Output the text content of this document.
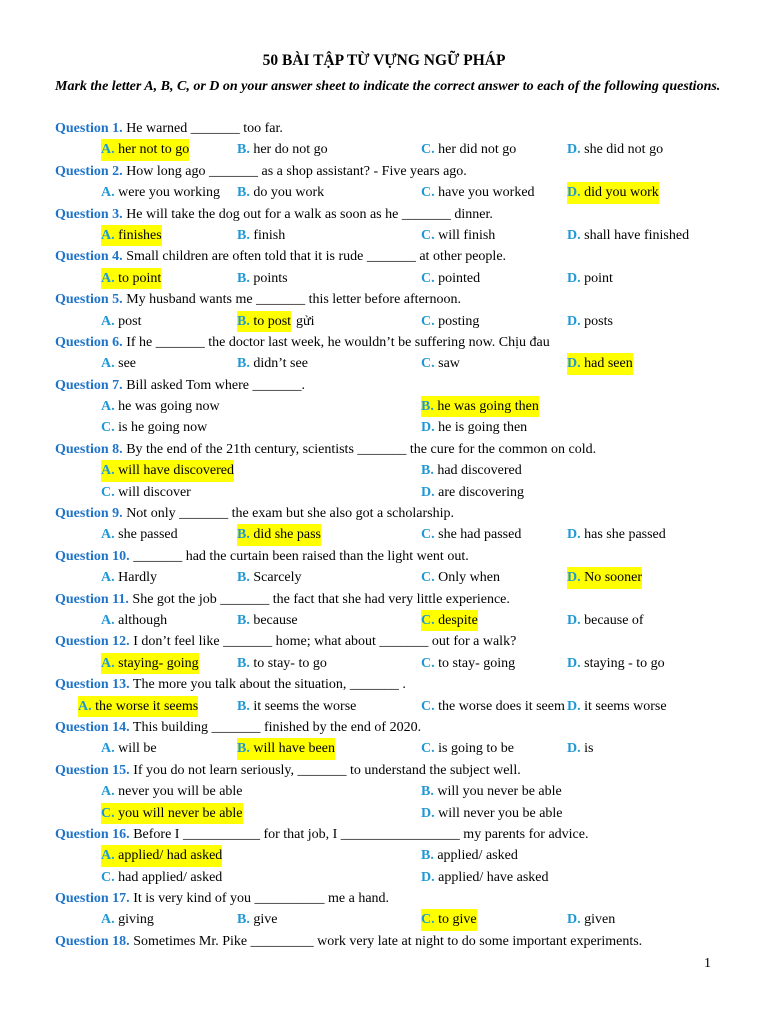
50 BÀI TẬP TỪ VỰNG NGỮ PHÁP
Mark the letter A, B, C, or D on your answer sheet to indicate the correct answer to each of the following questions.
Question 1. He warned _______ too far.
A. her not to go	B. her do not go	C. her did not go	D. she did not go
Question 2. How long ago _______ as a shop assistant? - Five years ago.
A. were you working B. do you work	C. have you worked D. did you work
Question 3. He will take the dog out for a walk as soon as he _______ dinner.
A. finishes	B. finish	C. will finish	D. shall have finished
Question 4. Small children are often told that it is rude _______ at other people.
A. to point	B. points	C. pointed	D. point
Question 5. My husband wants me _______ this letter before afternoon.
A. post	B. to post gửi	C. posting	D. posts
Question 6. If he _______ the doctor last week, he wouldn’t be suffering now. Chịu đau
A. see	B. didn’t see	C. saw	D. had seen
Question 7. Bill asked Tom where _______.
A. he was going now	B. he was going then
C. is he going now	D. he is going then
Question 8. By the end of the 21th century, scientists _______ the cure for the common on cold.
A. will have discovered	B. had discovered
C. will discover	D. are discovering
Question 9. Not only _______ the exam but she also got a scholarship.
A. she passed	B. did she pass	C. she had passed	D. has she passed
Question 10. _______ had the curtain been raised than the light went out.
A. Hardly	B. Scarcely	C. Only when	D. No sooner
Question 11. She got the job _______ the fact that she had very little experience.
A. although	B. because	C. despite	D. because of
Question 12. I don’t feel like _______ home; what about _______ out for a walk?
A. staying- going	B. to stay- to go	C. to stay- going	D. staying - to go
Question 13. The more you talk about the situation, _______ .
A. the worse it seems	B. it seems the worse	C. the worse does it seem D. it seems worse
Question 14. This building _______ finished by the end of 2020.
A. will be	B. will have been	C. is going to be	D. is
Question 15. If you do not learn seriously, _______ to understand the subject well.
A. never you will be able	B. will you never be able
C. you will never be able	D. will never you be able
Question 16. Before I ___________ for that job, I _________________ my parents for advice.
A. applied/ had asked	B. applied/ asked
C. had applied/ asked	D. applied/ have asked
Question 17. It is very kind of you __________ me a hand.
A. giving	B. give	C. to give	D. given
Question 18. Sometimes Mr. Pike _________ work very late at night to do some important experiments.
1
